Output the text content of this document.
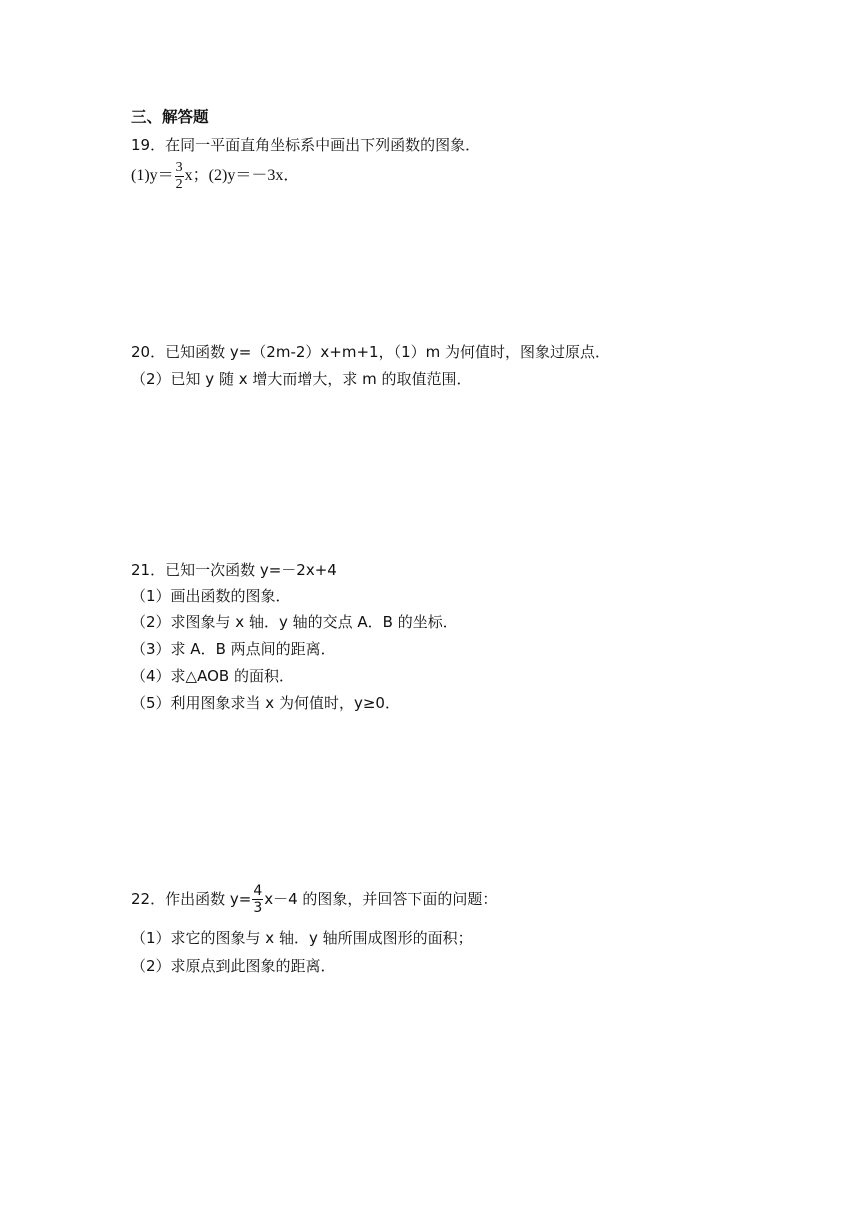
三、解答题
19．在同一平面直角坐标系中画出下列函数的图象．
$(1)y= \frac{3}{2}$ x；(2)y＝－3x．
20．已知函数 y=（2m-2）x+m+1，（1）m 为何值时，图象过原点．
（2）已知 y 随 x 增大而增大，求 m 的取值范围．
21．已知一次函数 y=－2x+4
（1）画出函数的图象．
（2）求图象与 x 轴．y 轴的交点 A．B 的坐标．
（3）求 A．B 两点间的距离．
（4）求△AOB 的面积．
（5）利用图象求当 x 为何值时，y≥0．
22．作出函数 $y= \frac{4}{3} x-4$ 的图象，并回答下面的问题：
（1）求它的图象与 x 轴．y 轴所围成图形的面积；
（2）求原点到此图象的距离．
